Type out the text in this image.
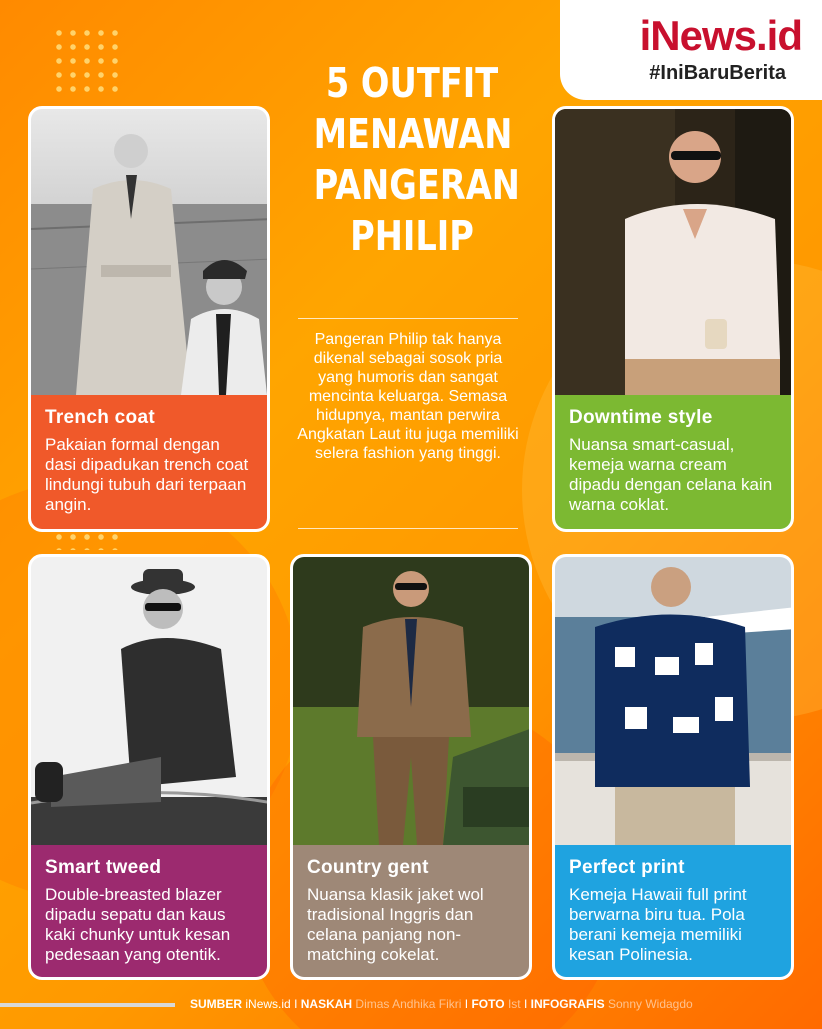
iNews.id
#IniBaruBerita
5 OUTFIT
MENAWAN
PANGERAN
PHILIP
Pangeran Philip tak hanya dikenal sebagai sosok pria yang humoris dan sangat mencinta keluarga. Semasa hidupnya, mantan perwira Angkatan Laut itu juga memiliki selera fashion yang tinggi.
Trench coat
Pakaian formal dengan dasi dipadukan trench coat lindungi tubuh dari terpaan angin.
Downtime style
Nuansa smart-casual, kemeja warna cream dipadu dengan celana kain warna coklat.
Smart tweed
Double-breasted blazer dipadu sepatu dan kaus kaki chunky untuk kesan pedesaan yang otentik.
Country gent
Nuansa klasik jaket wol tradisional Inggris dan celana panjang non-matching cokelat.
Perfect print
Kemeja Hawaii full print berwarna biru tua. Pola berani kemeja memiliki kesan Polinesia.
SUMBER iNews.id I NASKAH Dimas Andhika Fikri I FOTO Ist I INFOGRAFIS Sonny Widagdo
